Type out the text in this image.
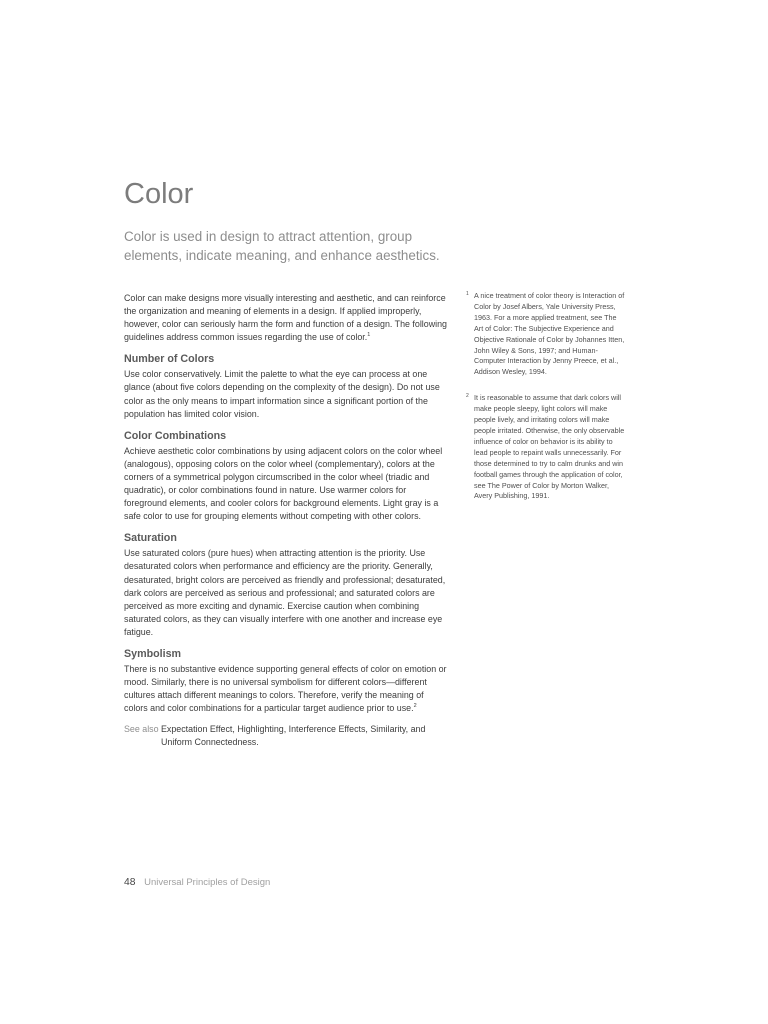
Color

Color is used in design to attract attention, group elements, indicate meaning, and enhance aesthetics.

Color can make designs more visually interesting and aesthetic, and can reinforce the organization and meaning of elements in a design. If applied improperly, however, color can seriously harm the form and function of a design. The following guidelines address common issues regarding the use of color.$^1$

Number of Colors

Use color conservatively. Limit the palette to what the eye can process at one glance (about five colors depending on the complexity of the design). Do not use color as the only means to impart information since a significant portion of the population has limited color vision.

Color Combinations

Achieve aesthetic color combinations by using adjacent colors on the color wheel (analogous), opposing colors on the color wheel (complementary), colors at the corners of a symmetrical polygon circumscribed in the color wheel (triadic and quadratic), or color combinations found in nature. Use warmer colors for foreground elements, and cooler colors for background elements. Light gray is a safe color to use for grouping elements without competing with other colors.

Saturation

Use saturated colors (pure hues) when attracting attention is the priority. Use desaturated colors when performance and efficiency are the priority. Generally, desaturated, bright colors are perceived as friendly and professional; desaturated, dark colors are perceived as serious and professional; and saturated colors are perceived as more exciting and dynamic. Exercise caution when combining saturated colors, as they can visually interfere with one another and increase eye fatigue.

Symbolism

There is no substantive evidence supporting general effects of color on emotion or mood. Similarly, there is no universal symbolism for different colors—different cultures attach different meanings to colors. Therefore, verify the meaning of colors and color combinations for a particular target audience prior to use.$^2$

See also Expectation Effect, Highlighting, Interference Effects, Similarity, and
Uniform Connectedness.

1 A nice treatment of color theory is Interaction of Color by Josef Albers, Yale University Press, 1963. For a more applied treatment, see The Art of Color: The Subjective Experience and Objective Rationale of Color by Johannes Itten, John Wiley & Sons, 1997; and Human-Computer Interaction by Jenny Preece, et al., Addison Wesley, 1994.

2 It is reasonable to assume that dark colors will make people sleepy, light colors will make people lively, and irritating colors will make people irritated. Otherwise, the only observable influence of color on behavior is its ability to lead people to repaint walls unnecessarily. For those determined to try to calm drunks and win football games through the application of color, see The Power of Color by Morton Walker, Avery Publishing, 1991.

48 Universal Principles of Design
